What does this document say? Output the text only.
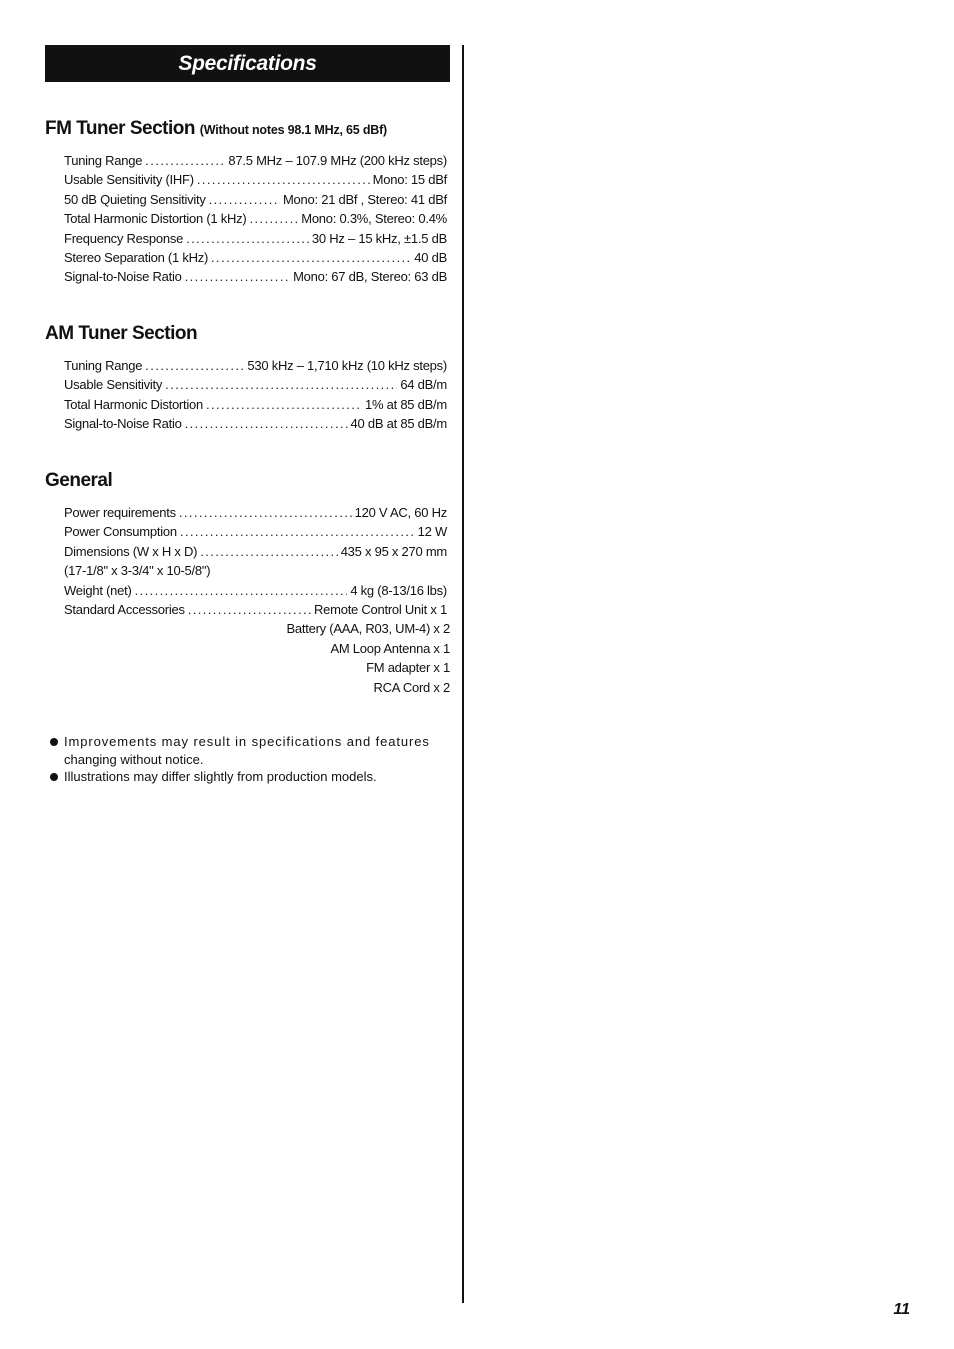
Specifications
FM Tuner Section (Without notes 98.1 MHz, 65 dBf)
Tuning Range .....	87.5 MHz – 107.9 MHz (200 kHz steps)
Usable Sensitivity (IHF) .....	Mono: 15 dBf
50 dB Quieting Sensitivity .....	Mono: 21 dBf , Stereo: 41 dBf
Total Harmonic Distortion (1 kHz) .....	Mono: 0.3%, Stereo: 0.4%
Frequency Response .....	30 Hz – 15 kHz, ±1.5 dB
Stereo Separation (1 kHz) .....	40 dB
Signal-to-Noise Ratio .....	Mono: 67 dB, Stereo: 63 dB
AM Tuner Section
Tuning Range .....	530 kHz – 1,710 kHz (10 kHz steps)
Usable Sensitivity .....	64 dB/m
Total Harmonic Distortion .....	1% at 85 dB/m
Signal-to-Noise Ratio .....	40 dB at 85 dB/m
General
Power requirements .....	120 V AC, 60 Hz
Power Consumption .....	12 W
Dimensions (W x H x D) .....	435 x 95 x 270 mm
(17-1/8" x 3-3/4" x 10-5/8")
Weight (net) .....	4 kg (8-13/16 lbs)
Standard Accessories .....	Remote Control Unit x 1
Battery (AAA, R03, UM-4) x 2
AM Loop Antenna x 1
FM adapter x 1
RCA Cord x 2
Improvements may result in specifications and features
changing without notice.
Illustrations may differ slightly from production models.
11
